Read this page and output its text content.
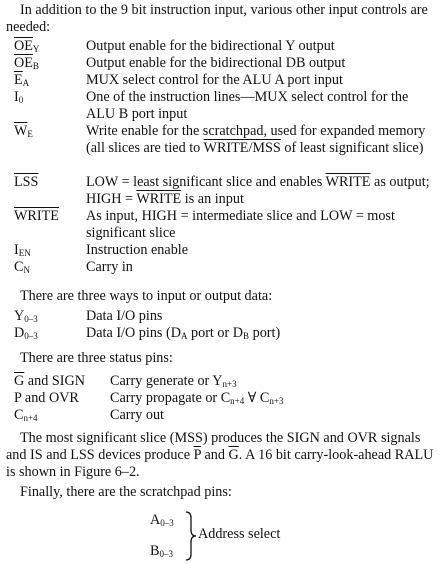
In addition to the 9 bit instruction input, various other input controls are needed:

$\overline{OE}_Y$	Output enable for the bidirectional Y output
$\overline{OE}_B$	Output enable for the bidirectional DB output
$\overline{E}_A$	MUX select control for the ALU A port input
$I_0$	One of the instruction lines—MUX select control for the ALU B port input
$\overline{W}_E$	Write enable for the scratchpad, used for expanded memory (all slices are tied to WRITE/MSS of least significant slice)
$\overline{LSS}$	LOW = least significant slice and enables WRITE as output; HIGH = WRITE is an input
WRITE	As input, HIGH = intermediate slice and LOW = most significant slice
$I_{EN}$	Instruction enable
$C_N$	Carry in

There are three ways to input or output data:

$Y_{0-3}$	Data I/O pins
$D_{0-3}$	Data I/O pins ($D_A$ port or $D_B$ port)

There are three status pins:

$\overline{G}$ and SIGN	Carry generate or $Y_{n+3}$
P and OVR	Carry propagate or $C_{n+4}$ ∀ $C_{n+3}$
$C_{n+4}$	Carry out

The most significant slice (MSS) produces the SIGN and OVR signals and IS and LSS devices produce $\overline{P}$ and $\overline{G}$. A 16 bit carry-look-ahead RALU is shown in Figure 6–2.

Finally, there are the scratchpad pins:

$A_{0-3}$
$B_{0-3}$
Address select
